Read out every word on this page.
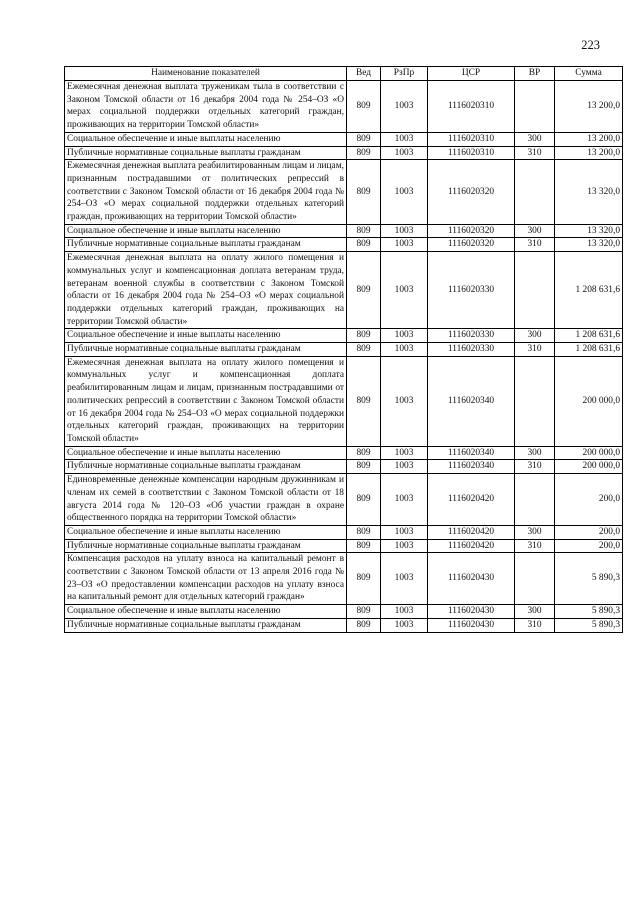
223
Наименование показателей	Вед	РзПр	ЦСР	ВР	Сумма
Ежемесячная денежная выплата труженикам тыла в соответствии с Законом Томской области от 16 декабря 2004 года № 254–ОЗ «О мерах социальной поддержки отдельных категорий граждан, проживающих на территории Томской области»	809	1003	1116020310		13 200,0
Социальное обеспечение и иные выплаты населению	809	1003	1116020310	300	13 200,0
Публичные нормативные социальные выплаты гражданам	809	1003	1116020310	310	13 200,0
Ежемесячная денежная выплата реабилитированным лицам и лицам, признанным пострадавшими от политических репрессий в соответствии с Законом Томской области от 16 декабря 2004 года № 254–ОЗ «О мерах социальной поддержки отдельных категорий граждан, проживающих на территории Томской области»	809	1003	1116020320		13 320,0
Социальное обеспечение и иные выплаты населению	809	1003	1116020320	300	13 320,0
Публичные нормативные социальные выплаты гражданам	809	1003	1116020320	310	13 320,0
Ежемесячная денежная выплата на оплату жилого помещения и коммунальных услуг и компенсационная доплата ветеранам труда, ветеранам военной службы в соответствии с Законом Томской области от 16 декабря 2004 года № 254–ОЗ «О мерах социальной поддержки отдельных категорий граждан, проживающих на территории Томской области»	809	1003	1116020330		1 208 631,6
Социальное обеспечение и иные выплаты населению	809	1003	1116020330	300	1 208 631,6
Публичные нормативные социальные выплаты гражданам	809	1003	1116020330	310	1 208 631,6
Ежемесячная денежная выплата на оплату жилого помещения и коммунальных услуг и компенсационная доплата реабилитированным лицам и лицам, признанным пострадавшими от политических репрессий в соответствии с Законом Томской области от 16 декабря 2004 года № 254–ОЗ «О мерах социальной поддержки отдельных категорий граждан, проживающих на территории Томской области»	809	1003	1116020340		200 000,0
Социальное обеспечение и иные выплаты населению	809	1003	1116020340	300	200 000,0
Публичные нормативные социальные выплаты гражданам	809	1003	1116020340	310	200 000,0
Единовременные денежные компенсации народным дружинникам и членам их семей в соответствии с Законом Томской области от 18 августа 2014 года № 120–ОЗ «Об участии граждан в охране общественного порядка на территории Томской области»	809	1003	1116020420		200,0
Социальное обеспечение и иные выплаты населению	809	1003	1116020420	300	200,0
Публичные нормативные социальные выплаты гражданам	809	1003	1116020420	310	200,0
Компенсация расходов на уплату взноса на капитальный ремонт в соответствии с Законом Томской области от 13 апреля 2016 года № 23–ОЗ «О предоставлении компенсации расходов на уплату взноса на капитальный ремонт для отдельных категорий граждан»	809	1003	1116020430		5 890,3
Социальное обеспечение и иные выплаты населению	809	1003	1116020430	300	5 890,3
Публичные нормативные социальные выплаты гражданам	809	1003	1116020430	310	5 890,3
